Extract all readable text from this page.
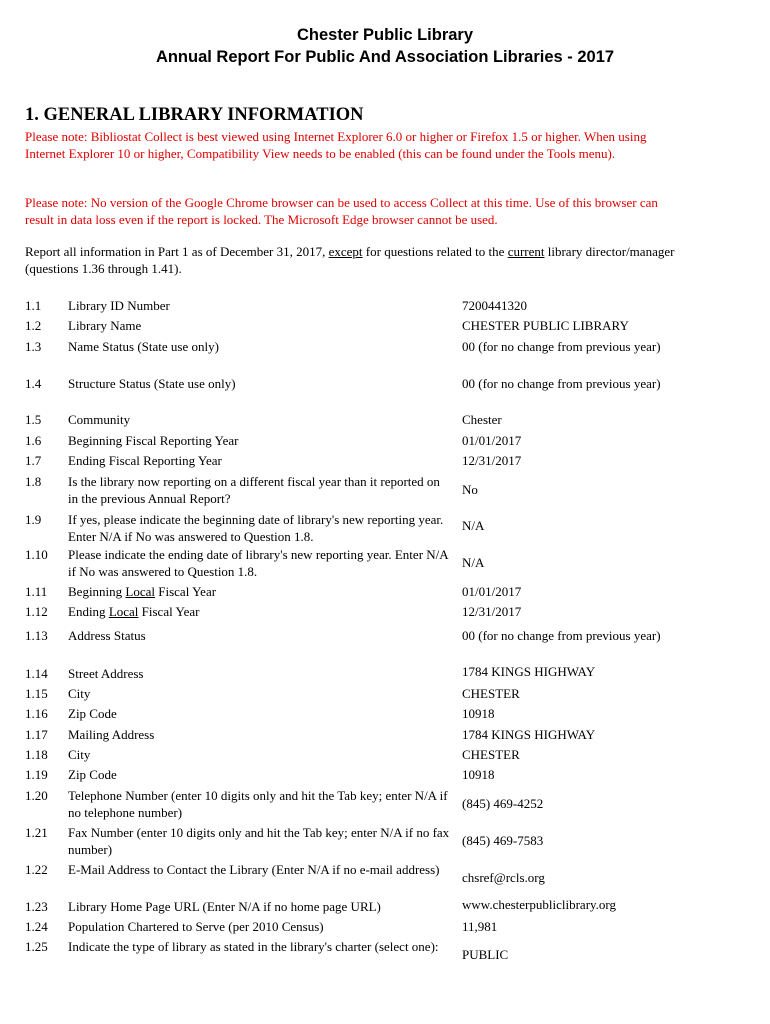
Chester Public Library
Annual Report For Public And Association Libraries - 2017
1. GENERAL LIBRARY INFORMATION
Please note: Bibliostat Collect is best viewed using Internet Explorer 6.0 or higher or Firefox 1.5 or higher. When using Internet Explorer 10 or higher, Compatibility View needs to be enabled (this can be found under the Tools menu).
Please note: No version of the Google Chrome browser can be used to access Collect at this time. Use of this browser can result in data loss even if the report is locked. The Microsoft Edge browser cannot be used.
Report all information in Part 1 as of December 31, 2017, except for questions related to the current library director/manager (questions 1.36 through 1.41).
1.1 Library ID Number	7200441320
1.2 Library Name	CHESTER PUBLIC LIBRARY
1.3 Name Status (State use only)	00 (for no change from previous year)
1.4 Structure Status (State use only)	00 (for no change from previous year)
1.5 Community	Chester
1.6 Beginning Fiscal Reporting Year	01/01/2017
1.7 Ending Fiscal Reporting Year	12/31/2017
1.8 Is the library now reporting on a different fiscal year than it reported on in the previous Annual Report?
No
1.9 If yes, please indicate the beginning date of library's new reporting year. Enter N/A if No was answered to Question 1.8.
N/A
1.10 Please indicate the ending date of library's new reporting year. Enter N/A if No was answered to Question 1.8.
N/A
1.11 Beginning Local Fiscal Year	01/01/2017
1.12 Ending Local Fiscal Year	12/31/2017
1.13 Address Status	00 (for no change from previous year)
1.14 Street Address	1784 KINGS HIGHWAY
1.15 City	CHESTER
1.16 Zip Code	10918
1.17 Mailing Address	1784 KINGS HIGHWAY
1.18 City	CHESTER
1.19 Zip Code	10918
1.20 Telephone Number (enter 10 digits only and hit the Tab key; enter N/A if no telephone number)
(845) 469-4252
1.21 Fax Number (enter 10 digits only and hit the Tab key; enter N/A if no fax number)
(845) 469-7583
1.22 E-Mail Address to Contact the Library (Enter N/A if no e-mail address)
chsref@rcls.org
1.23 Library Home Page URL (Enter N/A if no home page URL)	www.chesterpubliclibrary.org
1.24 Population Chartered to Serve (per 2010 Census)	11,981
1.25 Indicate the type of library as stated in the library's charter (select one):
PUBLIC
